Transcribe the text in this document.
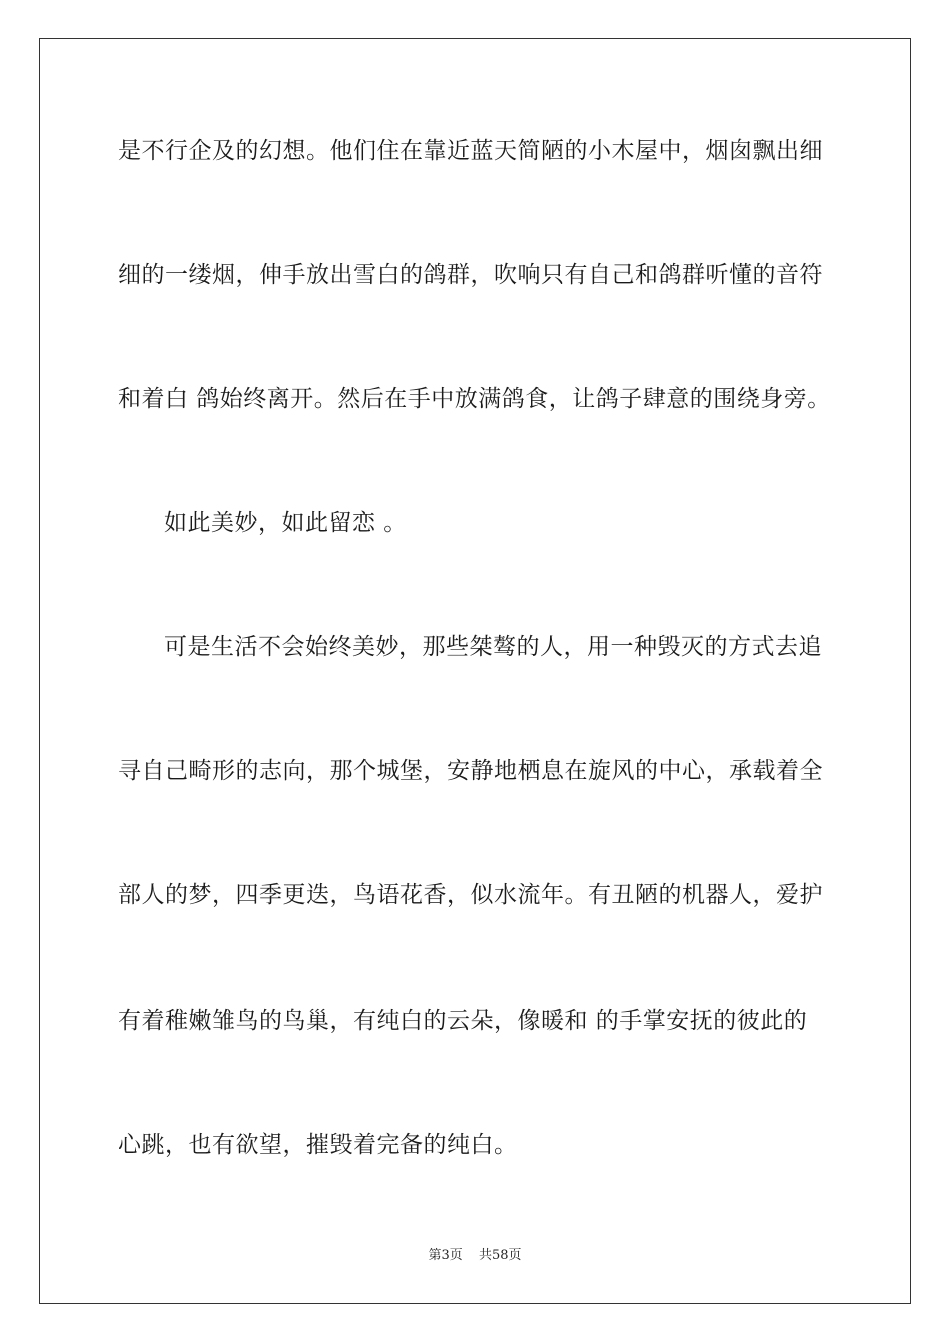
是不行企及的幻想。他们住在靠近蓝天简陋的小木屋中，烟囱飘出细
细的一缕烟，伸手放出雪白的鸽群，吹响只有自己和鸽群听懂的音符
和着白 鸽始终离开。然后在手中放满鸽食，让鸽子肆意的围绕身旁。
如此美妙，如此留恋 。
可是生活不会始终美妙，那些桀骜的人，用一种毁灭的方式去追
寻自己畸形的志向，那个城堡，安静地栖息在旋风的中心，承载着全
部人的梦，四季更迭，鸟语花香，似水流年。有丑陋的机器人，爱护
有着稚嫩雏鸟的鸟巢，有纯白的云朵，像暖和 的手掌安抚的彼此的
心跳，也有欲望，摧毁着完备的纯白。
第3页 共58页
